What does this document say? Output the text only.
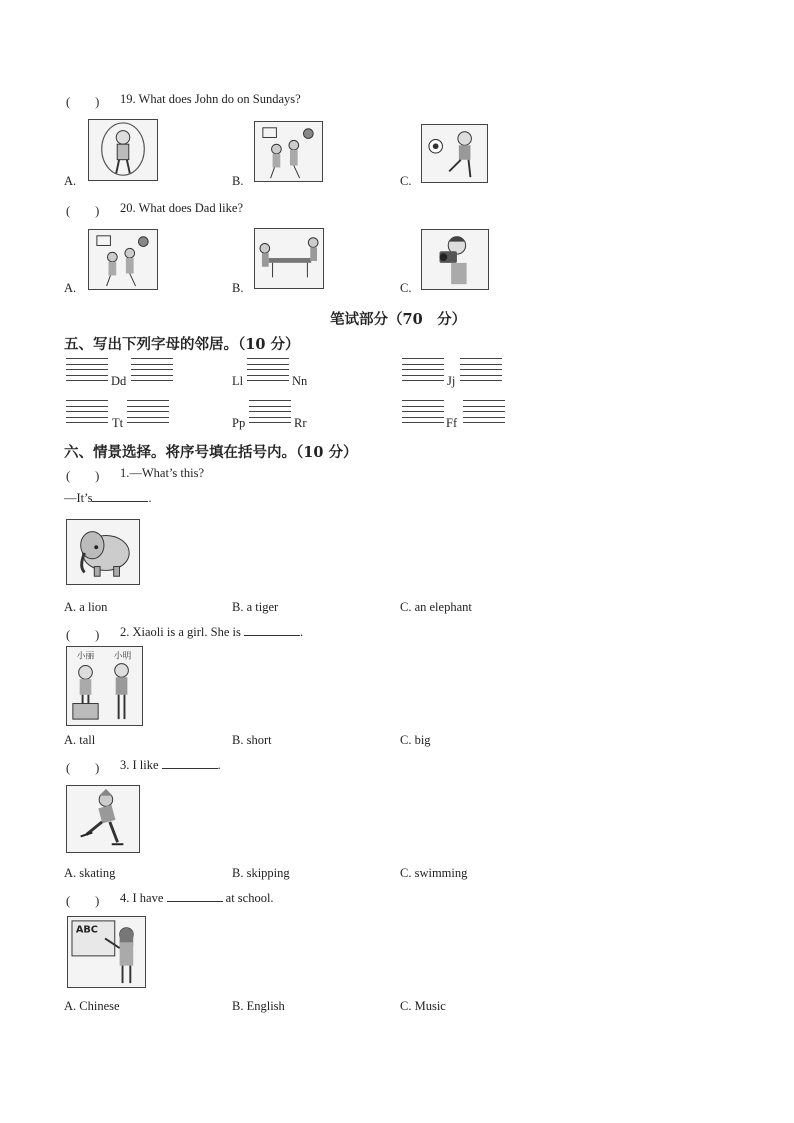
(　　) 19. What does John do on Sundays?
A.	B.	C.
(　　) 20. What does Dad like?
A.	B.	C.
笔试部分（70　分）
五、写出下列字母的邻居。（10 分）
Dd	Ll	Nn	Jj
Tt	Pp	Rr	Ff
六、情景选择。将序号填在括号内。（10 分）
(　　) 1.—What’s this?
—It’s	.
A. a lion	B. a tiger	C. an elephant
(　　) 2. Xiaoli is a girl. She is	.
小丽 小明
A. tall	B. short	C. big
(　　) 3. I like	.
A. skating	B. skipping	C. swimming
(　　) 4. I have	at school.
ABC
A. Chinese	B. English	C. Music
